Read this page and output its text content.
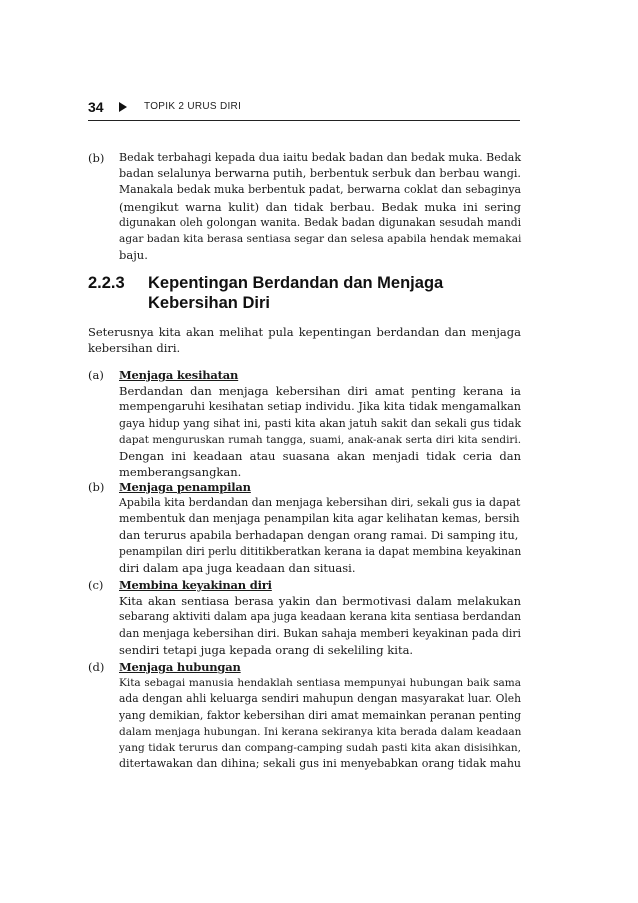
34	TOPIK 2 URUS DIRI
(b) Bedak terbahagi kepada dua iaitu bedak badan dan bedak muka. Bedak
badan selalunya berwarna putih, berbentuk serbuk dan berbau wangi.
Manakala bedak muka berbentuk padat, berwarna coklat dan sebaginya
(mengikut warna kulit) dan tidak berbau. Bedak muka ini sering
digunakan oleh golongan wanita. Bedak badan digunakan sesudah mandi
agar badan kita berasa sentiasa segar dan selesa apabila hendak memakai
baju.
2.2.3 Kepentingan Berdandan dan Menjaga
Kebersihan Diri
Seterusnya kita akan melihat pula kepentingan berdandan dan menjaga
kebersihan diri.
(a) Menjaga kesihatan
Berdandan dan menjaga kebersihan diri amat penting kerana ia
mempengaruhi kesihatan setiap individu. Jika kita tidak mengamalkan
gaya hidup yang sihat ini, pasti kita akan jatuh sakit dan sekali gus tidak
dapat menguruskan rumah tangga, suami, anak-anak serta diri kita sendiri.
Dengan ini keadaan atau suasana akan menjadi tidak ceria dan
memberangsangkan.
(b) Menjaga penampilan
Apabila kita berdandan dan menjaga kebersihan diri, sekali gus ia dapat
membentuk dan menjaga penampilan kita agar kelihatan kemas, bersih
dan terurus apabila berhadapan dengan orang ramai. Di samping itu,
penampilan diri perlu dititikberatkan kerana ia dapat membina keyakinan
diri dalam apa juga keadaan dan situasi.
(c) Membina keyakinan diri
Kita akan sentiasa berasa yakin dan bermotivasi dalam melakukan
sebarang aktiviti dalam apa juga keadaan kerana kita sentiasa berdandan
dan menjaga kebersihan diri. Bukan sahaja memberi keyakinan pada diri
sendiri tetapi juga kepada orang di sekeliling kita.
(d) Menjaga hubungan
Kita sebagai manusia hendaklah sentiasa mempunyai hubungan baik sama
ada dengan ahli keluarga sendiri mahupun dengan masyarakat luar. Oleh
yang demikian, faktor kebersihan diri amat memainkan peranan penting
dalam menjaga hubungan. Ini kerana sekiranya kita berada dalam keadaan
yang tidak terurus dan compang-camping sudah pasti kita akan disisihkan,
ditertawakan dan dihina; sekali gus ini menyebabkan orang tidak mahu
